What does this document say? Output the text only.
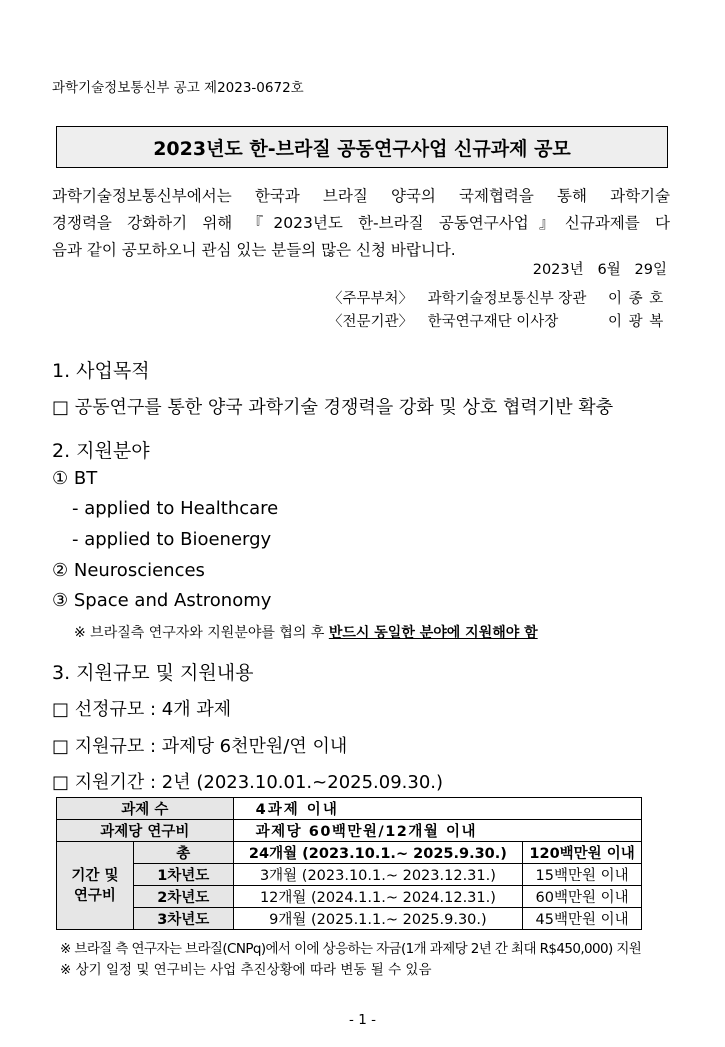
과학기술정보통신부 공고 제2023-0672호
2023년도 한-브라질 공동연구사업 신규과제 공모
과학기술정보통신부에서는 한국과 브라질 양국의 국제협력을 통해 과학기술
경쟁력을 강화하기 위해 『2023년도 한-브라질 공동연구사업』신규과제를 다
음과 같이 공모하오니 관심 있는 분들의 많은 신청 바랍니다.
2023년   6월   29일
〈주무부처〉 과학기술정보통신부 장관 이 종 호
〈전문기관〉 한국연구재단 이사장	이 광 복
1. 사업목적
□ 공동연구를 통한 양국 과학기술 경쟁력을 강화 및 상호 협력기반 확충
2. 지원분야
① BT
- applied to Healthcare
- applied to Bioenergy
② Neurosciences
③ Space and Astronomy
※ 브라질측 연구자와 지원분야를 협의 후 반드시 동일한 분야에 지원해야 함
3. 지원규모 및 지원내용
□ 선정규모 : 4개 과제
□ 지원규모 : 과제당 6천만원/연 이내
□ 지원기간 : 2년 (2023.10.01.~2025.09.30.)
과제 수		4과제 이내	
과제당 연구비		과제당 60백만원/12개월 이내	
기간 및
연구비	총	24개월 (2023.10.1.~ 2025.9.30.)	120백만원 이내
	1차년도	3개월 (2023.10.1.~ 2023.12.31.)	15백만원 이내
	2차년도	12개월 (2024.1.1.~ 2024.12.31.)	60백만원 이내
	3차년도	9개월 (2025.1.1.~ 2025.9.30.)	45백만원 이내
※ 브라질 측 연구자는 브라질(CNPq)에서 이에 상응하는 자금(1개 과제당 2년 간 최대 R$450,000) 지원
※ 상기 일정 및 연구비는 사업 추진상황에 따라 변동 될 수 있음
- 1 -
